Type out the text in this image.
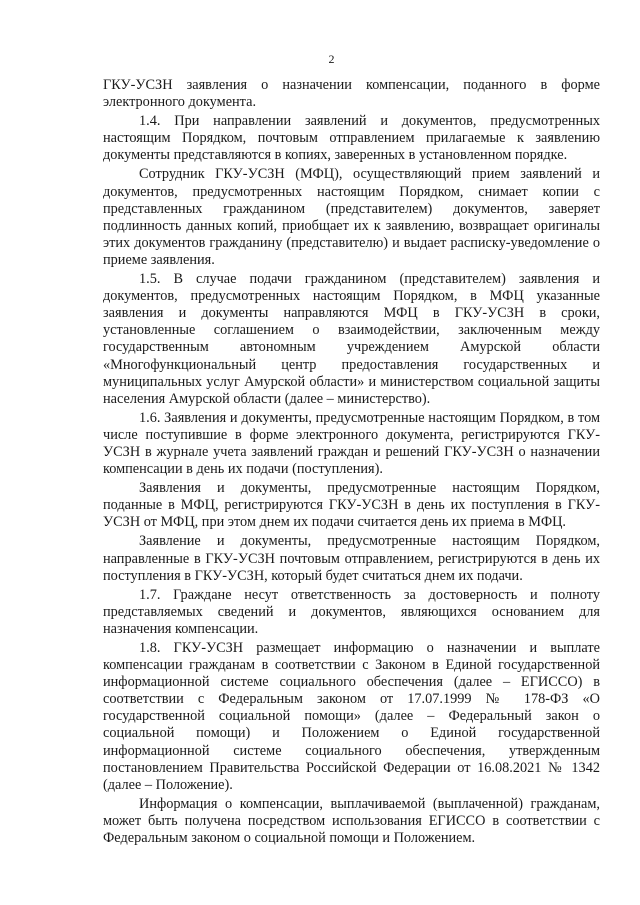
2

ГКУ-УСЗН заявления о назначении компенсации, поданного в форме электронного документа.

1.4. При направлении заявлений и документов, предусмотренных настоящим Порядком, почтовым отправлением прилагаемые к заявлению документы представляются в копиях, заверенных в установленном порядке.

Сотрудник ГКУ-УСЗН (МФЦ), осуществляющий прием заявлений и документов, предусмотренных настоящим Порядком, снимает копии с представленных гражданином (представителем) документов, заверяет подлинность данных копий, приобщает их к заявлению, возвращает оригиналы этих документов гражданину (представителю) и выдает расписку-уведомление о приеме заявления.

1.5. В случае подачи гражданином (представителем) заявления и документов, предусмотренных настоящим Порядком, в МФЦ указанные заявления и документы направляются МФЦ в ГКУ-УСЗН в сроки, установленные соглашением о взаимодействии, заключенным между государственным автономным учреждением Амурской области «Многофункциональный центр предоставления государственных и муниципальных услуг Амурской области» и министерством социальной защиты населения Амурской области (далее – министерство).

1.6. Заявления и документы, предусмотренные настоящим Порядком, в том числе поступившие в форме электронного документа, регистрируются ГКУ-УСЗН в журнале учета заявлений граждан и решений ГКУ-УСЗН о назначении компенсации в день их подачи (поступления).

Заявления и документы, предусмотренные настоящим Порядком, поданные в МФЦ, регистрируются ГКУ-УСЗН в день их поступления в ГКУ-УСЗН от МФЦ, при этом днем их подачи считается день их приема в МФЦ.

Заявление и документы, предусмотренные настоящим Порядком, направленные в ГКУ-УСЗН почтовым отправлением, регистрируются в день их поступления в ГКУ-УСЗН, который будет считаться днем их подачи.

1.7. Граждане несут ответственность за достоверность и полноту представляемых сведений и документов, являющихся основанием для назначения компенсации.

1.8. ГКУ-УСЗН размещает информацию о назначении и выплате компенсации гражданам в соответствии с Законом в Единой государственной информационной системе социального обеспечения (далее – ЕГИССО) в соответствии с Федеральным законом от 17.07.1999 № 178-ФЗ «О государственной социальной помощи» (далее – Федеральный закон о социальной помощи) и Положением о Единой государственной информационной системе социального обеспечения, утвержденным постановлением Правительства Российской Федерации от 16.08.2021 № 1342 (далее – Положение).

Информация о компенсации, выплачиваемой (выплаченной) гражданам, может быть получена посредством использования ЕГИССО в соответствии с Федеральным законом о социальной помощи и Положением.
